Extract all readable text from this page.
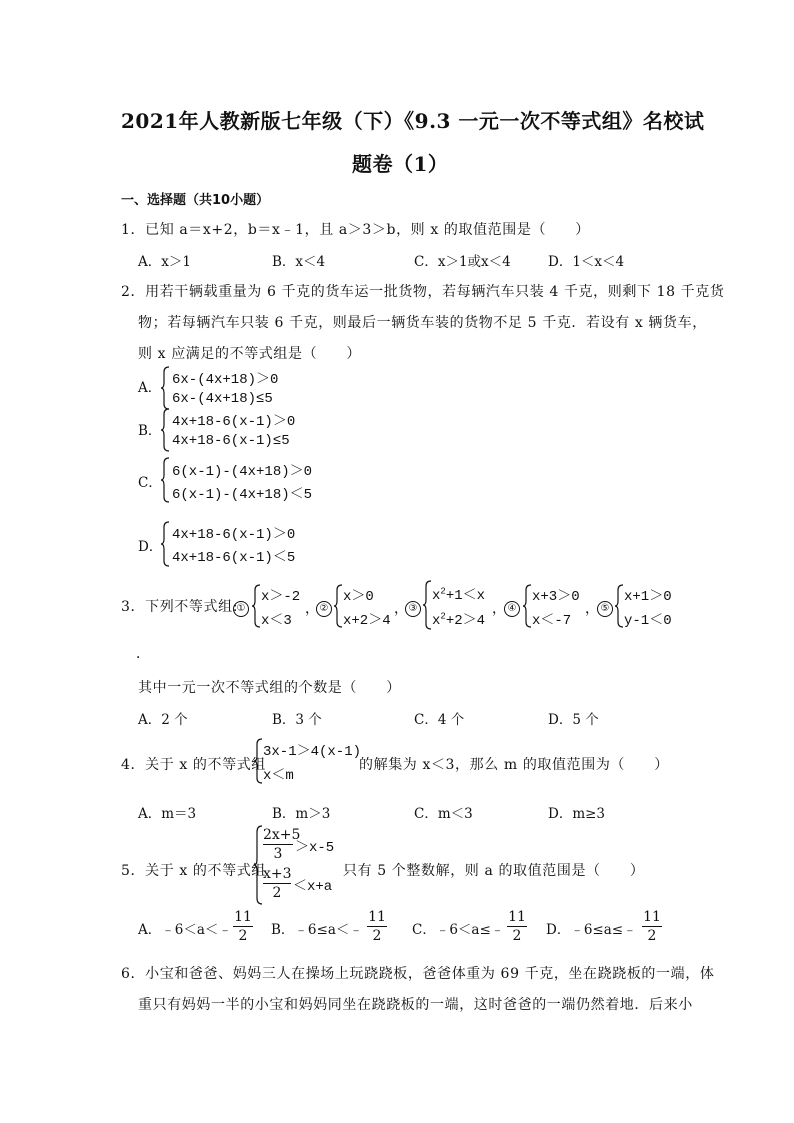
2021年人教新版七年级（下）《9.3 一元一次不等式组》名校试
题卷（1）
一、选择题（共10小题）
1．已知 a＝x+2，b＝x﹣1，且 a＞3＞b，则 x 的取值范围是（　　）
A．x＞1	B．x＜4	C．x＞1或x＜4	D．1＜x＜4
2．用若干辆载重量为 6 千克的货车运一批货物，若每辆汽车只装 4 千克，则剩下 18 千克货
物；若每辆汽车只装 6 千克，则最后一辆货车装的货物不足 5 千克．若设有 x 辆货车，
则 x 应满足的不等式组是（　　）
A． 6x-(4x+18)＞0
6x-(4x+18)≤5
B．
4x+18-6(x-1)＞0
4x+18-6(x-1)≤5
C．
6(x-1)-(4x+18)＞0
6(x-1)-(4x+18)＜5
D．
4x+18-6(x-1)＞0
4x+18-6(x-1)＜5
3．下列不等式组:
①
x＞-2
x＜3
， ②
x＞0
x+2＞4
， ③
$x^2+1<x$
$x^2+2>4$
， ④
x+3＞0
x＜-7
， ⑤
x+1＞0
y-1＜0
．
其中一元一次不等式组的个数是（　　）
A．2 个	B．3 个	C．4 个	D．5 个
4．关于 x 的不等式组
3x-1＞4(x-1)
x＜m
的解集为 x＜3，那么 m 的取值范围为（　　）
A．m＝3	B．m＞3	C．m＜3	D．m≥3
5．关于 x 的不等式组
2x+5
3 ＞x-5
x+3
2 ＜x+a
只有 5 个整数解，则 a 的取值范围是（　　）
A．﹣6＜a＜﹣
11
2	B．﹣6≤a＜﹣
11
2	C．﹣6＜a≤﹣
11
2	D．﹣6≤a≤﹣
11
2
6．小宝和爸爸、妈妈三人在操场上玩跷跷板，爸爸体重为 69 千克，坐在跷跷板的一端，体
重只有妈妈一半的小宝和妈妈同坐在跷跷板的一端，这时爸爸的一端仍然着地．后来小
